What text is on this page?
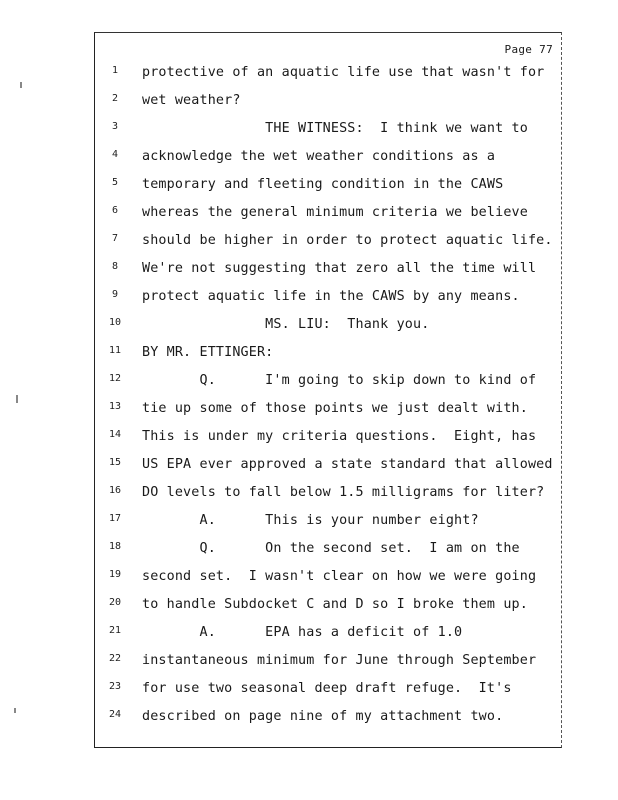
Page 77
1	protective of an aquatic life use that wasn't for
2	wet weather?
3	THE WITNESS:  I think we want to
4	acknowledge the wet weather conditions as a
5	temporary and fleeting condition in the CAWS
6	whereas the general minimum criteria we believe
7	should be higher in order to protect aquatic life.
8	We're not suggesting that zero all the time will
9	protect aquatic life in the CAWS by any means.
10	MS. LIU:  Thank you.
11	BY MR. ETTINGER:
12	Q.      I'm going to skip down to kind of
13	tie up some of those points we just dealt with.
14	This is under my criteria questions.  Eight, has
15	US EPA ever approved a state standard that allowed
16	DO levels to fall below 1.5 milligrams for liter?
17	A.      This is your number eight?
18	Q.      On the second set.  I am on the
19	second set.  I wasn't clear on how we were going
20	to handle Subdocket C and D so I broke them up.
21	A.      EPA has a deficit of 1.0
22	instantaneous minimum for June through September
23	for use two seasonal deep draft refuge.  It's
24	described on page nine of my attachment two.
